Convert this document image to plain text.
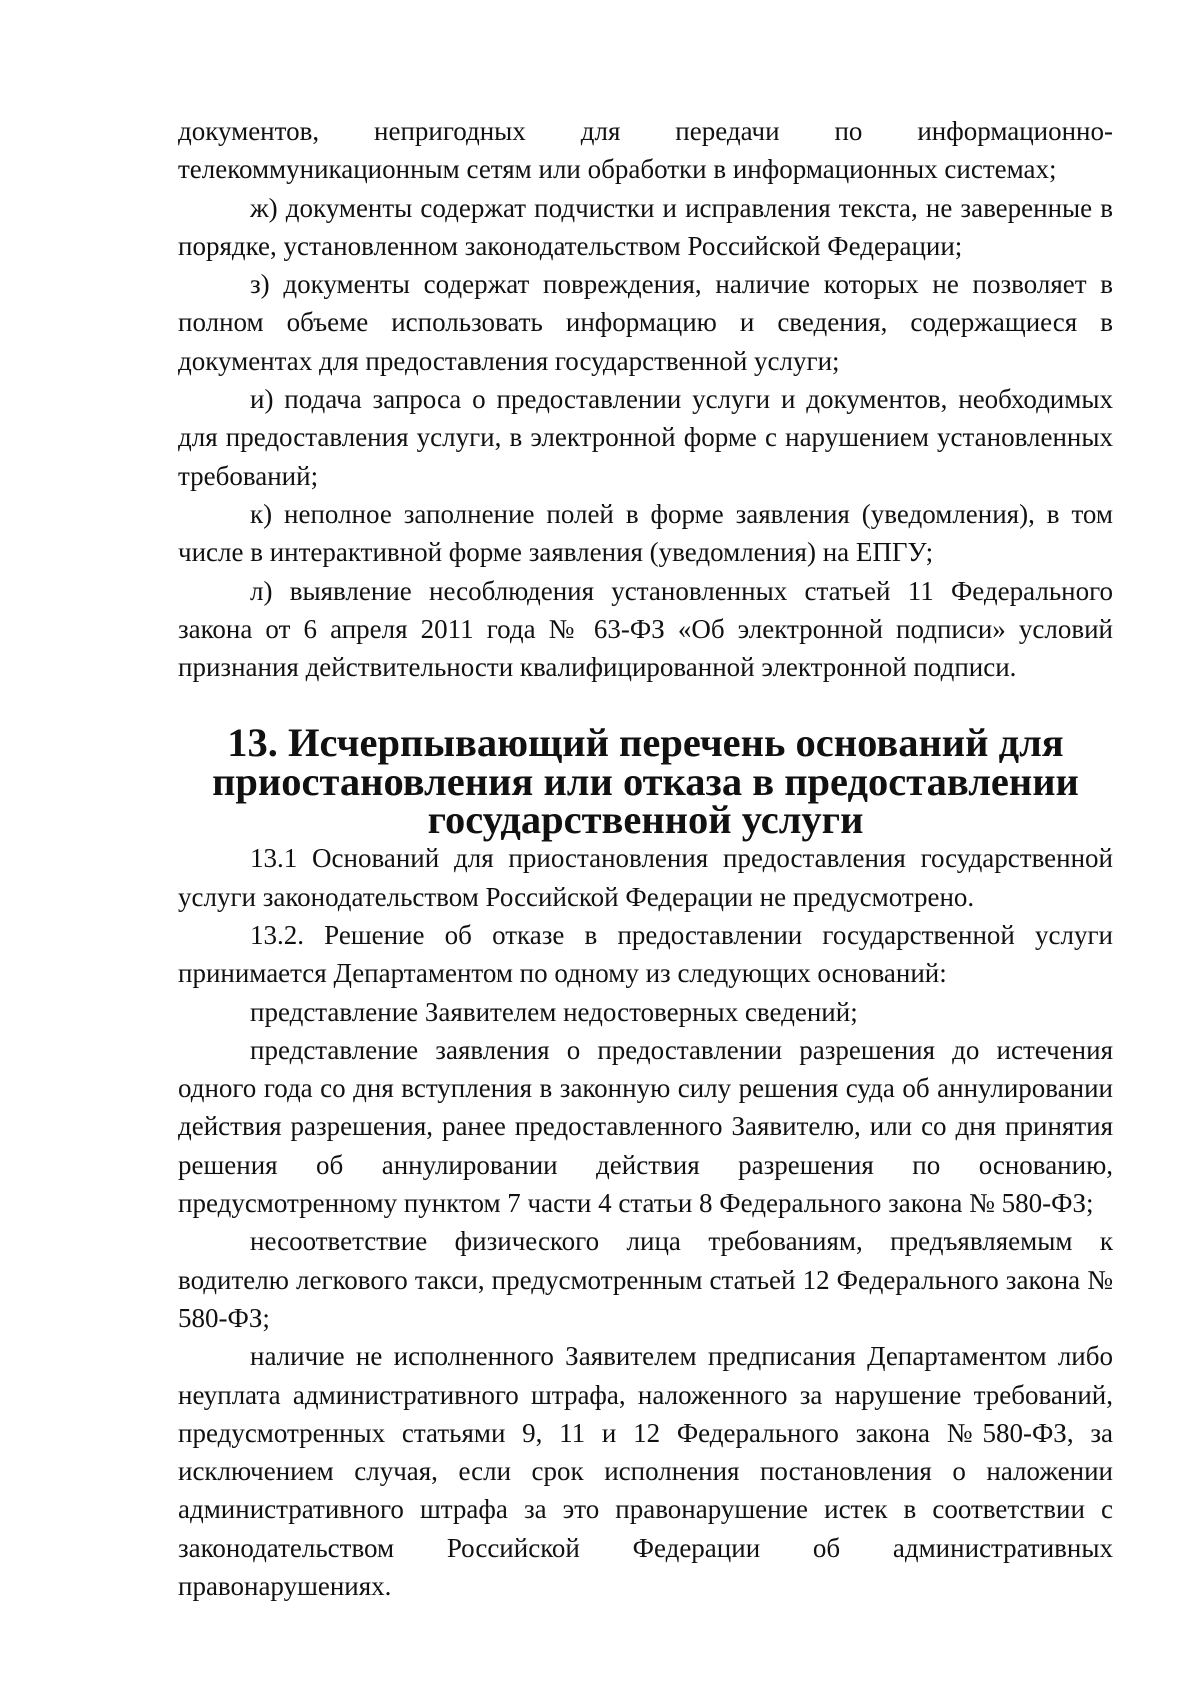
документов, непригодных для передачи по информационно-телекоммуникационным сетям или обработки в информационных системах;

ж) документы содержат подчистки и исправления текста, не заверенные в порядке, установленном законодательством Российской Федерации;

з) документы содержат повреждения, наличие которых не позволяет в полном объеме использовать информацию и сведения, содержащиеся в документах для предоставления государственной услуги;

и) подача запроса о предоставлении услуги и документов, необходимых для предоставления услуги, в электронной форме с нарушением установленных требований;

к) неполное заполнение полей в форме заявления (уведомления), в том числе в интерактивной форме заявления (уведомления) на ЕПГУ;

л) выявление несоблюдения установленных статьей 11 Федерального закона от 6 апреля 2011 года № 63-ФЗ «Об электронной подписи» условий признания действительности квалифицированной электронной подписи.

13. Исчерпывающий перечень оснований для приостановления или отказа в предоставлении государственной услуги

13.1 Оснований для приостановления предоставления государственной услуги законодательством Российской Федерации не предусмотрено.

13.2. Решение об отказе в предоставлении государственной услуги принимается Департаментом по одному из следующих оснований:

представление Заявителем недостоверных сведений;

представление заявления о предоставлении разрешения до истечения одного года со дня вступления в законную силу решения суда об аннулировании действия разрешения, ранее предоставленного Заявителю, или со дня принятия решения об аннулировании действия разрешения по основанию, предусмотренному пунктом 7 части 4 статьи 8 Федерального закона № 580-ФЗ;

несоответствие физического лица требованиям, предъявляемым к водителю легкового такси, предусмотренным статьей 12 Федерального закона № 580-ФЗ;

наличие не исполненного Заявителем предписания Департаментом либо неуплата административного штрафа, наложенного за нарушение требований, предусмотренных статьями 9, 11 и 12 Федерального закона №580-ФЗ, за исключением случая, если срок исполнения постановления о наложении административного штрафа за это правонарушение истек в соответствии с законодательством Российской Федерации об административных правонарушениях.
